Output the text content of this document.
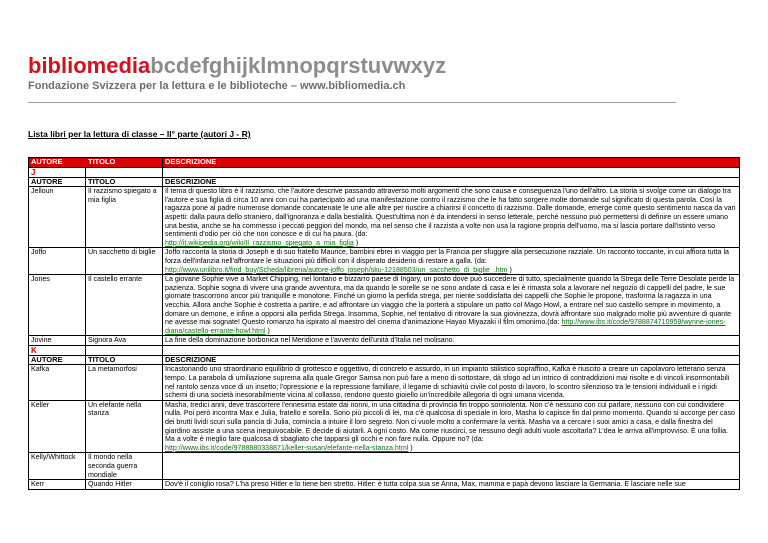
bibliomediabcdefghijklmnopqrstuvwxyz
Fondazione Svizzera per la lettura e le biblioteche – www.bibliomedia.ch
Lista libri per la lettura di classe – II° parte (autori J - R)
AUTORE	TITOLO	DESCRIZIONE
J		
AUTORE	TITOLO	DESCRIZIONE
Jelloun	Il razzismo spiegato a mia figlia	Il tema di questo libro è il razzismo, che l'autore descrive passando attraverso molti argomenti che sono causa e conseguenza l'uno dell'altro. La storia si svolge come un dialogo tra l'autore e sua figlia di circa 10 anni con cui ha partecipato ad una manifestazione contro il razzismo che le ha fatto sorgere molte domande sul significato di questa parola. Così la ragazza pone al padre numerose domande concatenate le une alle altre per riuscire a chiarirsi il concetto di razzismo. Dalle domande, emerge come questo sentimento nasca da vari aspetti: dalla paura dello straniero, dall'ignoranza e dalla bestialità. Quest'ultima non è da intendersi in senso letterale, perché nessuno può permettersi di definire un essere umano una bestia, anche se ha commesso i peccati peggiori del mondo, ma nel senso che il razzista a volte non usa la ragione propria dell'uomo, ma si lascia portare dall'istinto verso sentimenti d'odio per ciò che non conosce e di cui ha paura. (da:
http://it.wikipedia.org/wiki/Il_razzismo_spiegato_a_mia_figlia )
Joffo	Un sacchetto di biglie	Joffo racconta la storia di Joseph e di suo fratello Maurice, bambini ebrei in viaggio per la Francia per sfuggire alla persecuzione razziale. Un racconto toccante, in cui affiora tutta la forza dell'infanzia nell'affrontare le situazioni più difficili con il disperato desiderio di restare a galla. (da:
http://www.unilibro.it/find_buy/Scheda/libreria/autore-joffo_joseph/sku-12188503/un_sacchetto_di_biglie_.htm )
Jones	Il castello errante	La giovane Sophie vive a Market Chipping, nel lontano e bizzarro paese di Ingary, un posto dove può succedere di tutto, specialmente quando la Strega delle Terre Desolate perde la pazienza. Sophie sogna di vivere una grande avventura, ma da quando le sorelle se ne sono andate di casa e lei è rimasta sola a lavorare nel negozio di cappelli del padre, le sue giornate trascorrono ancor più tranquille e monotone. Finché un giorno la perfida strega, per niente soddisfatta dei cappelli che Sophie le propone, trasforma la ragazza in una vecchia. Allora anche Sophie è costretta a partire, e ad affrontare un viaggio che la porterà a stipulare un patto col Mago Howl, a entrare nel suo castello sempre in movimento, a domare un demone, e infine a opporsi alla perfida Strega. Insomma, Sophie, nel tentativo di ritrovare la sua giovinezza, dovrà affrontare suo malgrado molte più avventure di quante ne avesse mai sognate! Questo romanzo ha ispirato al maestro del cinema d'animazione Hayao Miyazaki il film omonimo.(da: http://www.ibs.it/code/9788874710959/wynne-jones-diana/castello-errante-howl.html )
Jovine	Signora Ava	La fine della dominazione borbonica nel Meridione e l'avvento dell'unità d'Italia nel molisano.
K		
AUTORE	TITOLO	DESCRIZIONE
Kafka	La metamorfosi	Incastonando uno straordinario equilibrio di grottesco e oggettivo, di concreto e assurdo, in un impianto stilistico sopraffino, Kafka è riuscito a creare un capolavoro letterario senza tempo. La parabola di umiliazione suprema alla quale Gregor Samsa non può fare a meno di sottostare, dà sfogo ad un intrico di contraddizioni mai risolte e di vincoli insormontabili nel rantolo senza voce di un insetto; l'opressione e la repressione familiare, il legame di schiavitù civile col posto di lavoro, lo scontro silenzioso tra le tensioni individuali e i rigidi schemi di una società inesorabilmente vicina al collasso, rendono questo gioiello un'incredibile allegoria di ogni umana vicenda.
Keller	Un elefante nella stanza	Masha, tredici anni, deve trascorrere l'ennesima estate dai nonni, in una cittadina di provincia fin troppo sonnolenta. Non c'è nessuno con cui parlare, nessuno con cui condividere nulla. Poi però incontra Max e Julia, fratello e sorella. Sono più piccoli di lei, ma c'è qualcosa di speciale in loro, Masha lo capisce fin dal primo momento. Quando si accorge per caso dei brutti lividi scuri sulla pancia di Julia, comincia a intuire il loro segreto. Non ci vuole molto a confermare la verità. Masha va a cercare i suoi amici a casa, e dalla finestra del giardino assiste a una scena inequivocabile. E decide di aiutarli. A ogni costo. Ma come riuscirci, se nessuno degli adulti vuole ascoltarla? L'dea le arriva all'improvviso. È una follia. Ma a volte è meglio fare qualcosa di sbagliato che tapparsi gli occhi e non fare nulla. Oppure no? (da:
http://www.ibs.it/code/9788880338871/keller-susan/elefante-nella-stanza.html )
Kelly/Whittock	Il mondo nella seconda guerra mondiale	
Kerr	Quando Hitler	Dov'è il coniglio rosa? L'ha preso Hitler e lo tiene ben stretto. Hitler: è tutta colpa sua se Anna, Max, mamma e papà devono lasciare la Germania. E lasciare nelle sue
